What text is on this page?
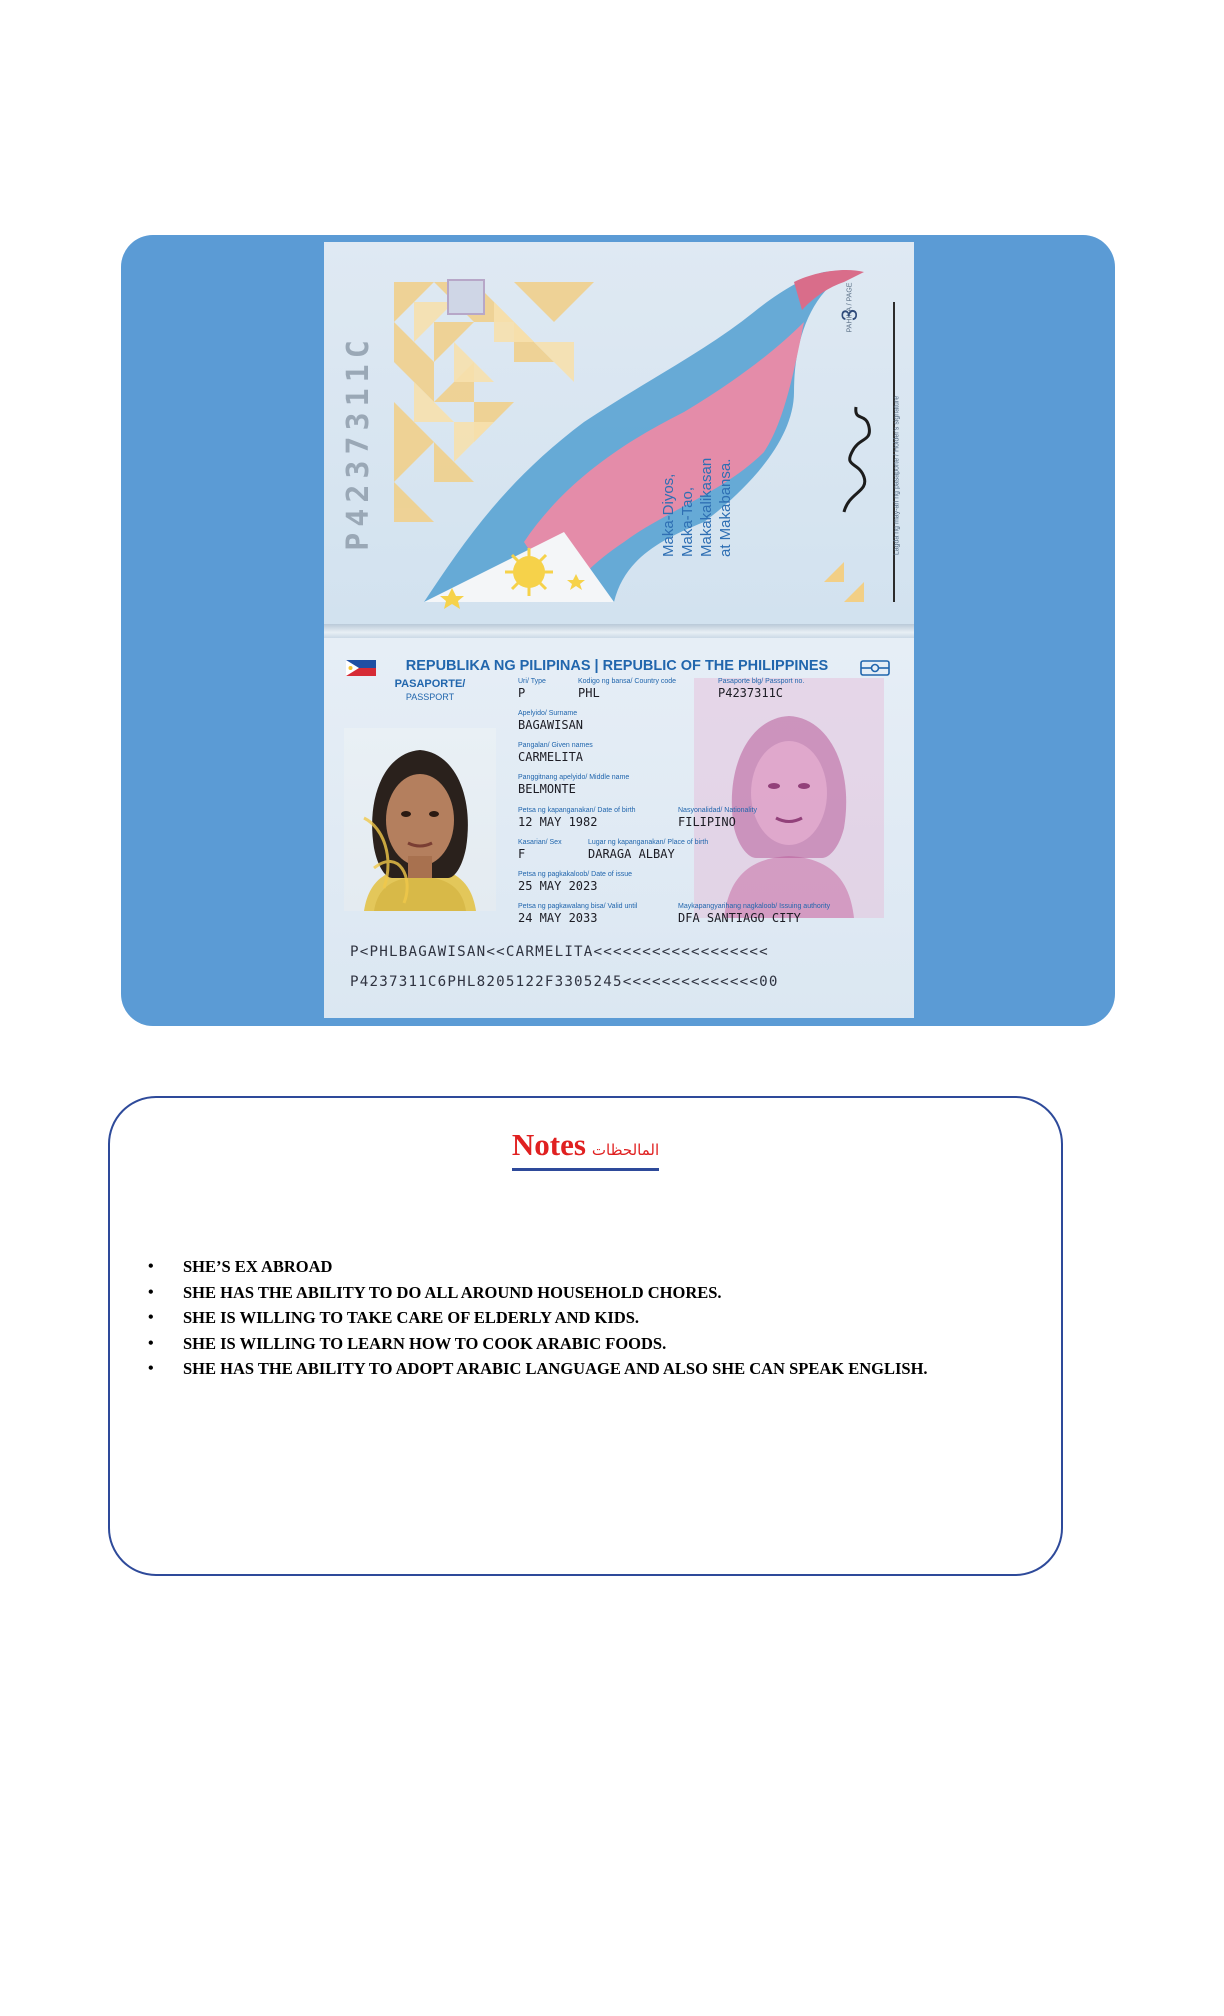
P4237311C	Maka-Diyos, Maka-Tao, Makakalikasan at Makabansa.
PAHINA / PAGE
3
Lagda ng may-ari ng pasaporte / Holder's signature
REPUBLIKA NG PILIPINAS | REPUBLIC OF THE PHILIPPINES
PASAPORTE/
PASSPORT
Uri/ Type
P
Kodigo ng bansa/ Country code
PHL
Pasaporte blg/ Passport no.
P4237311C
Apelyido/ Surname
BAGAWISAN
Pangalan/ Given names
CARMELITA
Panggitnang apelyido/ Middle name
BELMONTE
Petsa ng kapanganakan/ Date of birth
12 MAY 1982
Nasyonalidad/ Nationality
FILIPINO
Kasarian/ Sex
F
Lugar ng kapanganakan/ Place of birth
DARAGA ALBAY
Petsa ng pagkakaloob/ Date of issue
25 MAY 2023
Petsa ng pagkawalang bisa/ Valid until
24 MAY 2033
Maykapangyarihang nagkaloob/ Issuing authority
DFA SANTIAGO CITY
P<PHLBAGAWISAN<<CARMELITA<<<<<<<<<<<<<<<<<<
P4237311C6PHL8205122F3305245<<<<<<<<<<<<<<00
Notes المالحظات
• SHE’S EX ABROAD
• SHE HAS THE ABILITY TO DO ALL AROUND HOUSEHOLD CHORES.
• SHE IS WILLING TO TAKE CARE OF ELDERLY AND KIDS.
• SHE IS WILLING TO LEARN HOW TO COOK ARABIC FOODS.
• SHE HAS THE ABILITY TO ADOPT ARABIC LANGUAGE AND ALSO SHE CAN SPEAK ENGLISH.
